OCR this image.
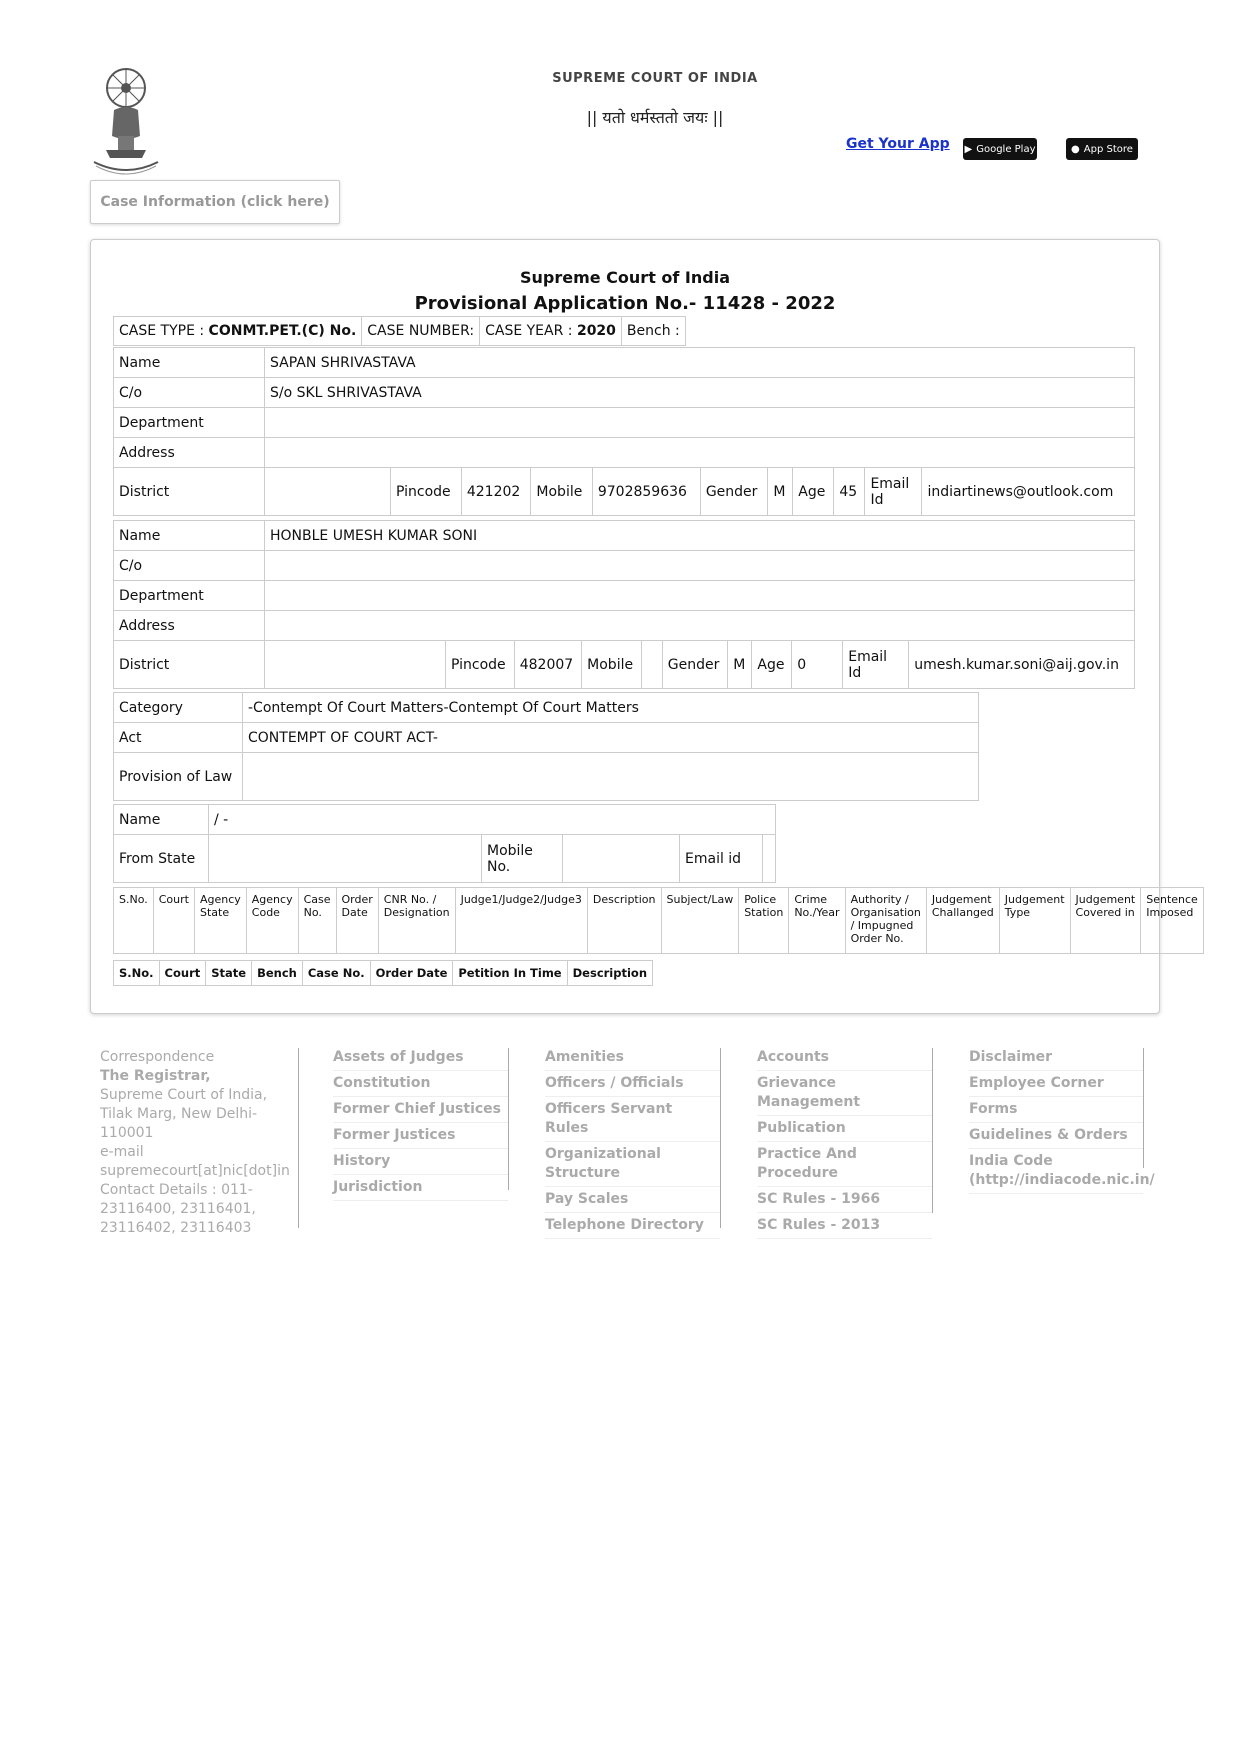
SUPREME COURT OF INDIA
|| यतो धर्मस्ततो जयः ||
Get Your App ▶ Google Play	● App Store
Case Information (click here)
Supreme Court of India
Provisional Application No.- 11428 - 2022
CASE TYPE : CONMT.PET.(C) No.	CASE NUMBER:	CASE YEAR : 2020	Bench :
Name	SAPAN SHRIVASTAVA										
C/o	S/o SKL SHRIVASTAVA										
Department											
Address											
District		Pincode	421202	Mobile	9702859636	Gender	M	Age	45	Email Id	indiartinews@outlook.com
Name	HONBLE UMESH KUMAR SONI										
C/o											
Department											
Address											
District		Pincode	482007	Mobile		Gender	M	Age	0	Email Id	umesh.kumar.soni@aij.gov.in
Category	-Contempt Of Court Matters-Contempt Of Court Matters
Act	CONTEMPT OF COURT ACT-
Provision of Law	
Name	/ -				
From State		Mobile No.		Email id	
S.No.	Court	Agency State	Agency Code	Case No.	Order Date	CNR No. / Designation	Judge1/Judge2/Judge3	Description	Subject/Law	Police Station	Crime No./Year	Authority / Organisation / Impugned Order No.	Judgement Challanged	Judgement Type	Judgement Covered in	Sentence Imposed
S.No.	Court	State	Bench	Case No.	Order Date	Petition In Time	Description
Correspondence
The Registrar,
Supreme Court of India,
Tilak Marg, New Delhi-
110001
e-mail
supremecourt[at]nic[dot]in
Contact Details : 011-
23116400, 23116401,
23116402, 23116403
Assets of Judges
Constitution
Former Chief Justices
Former Justices
History
Jurisdiction
Amenities
Officers / Officials
Officers Servant Rules
Organizational Structure
Pay Scales
Telephone Directory
Accounts
Grievance Management
Publication
Practice And Procedure
SC Rules - 1966
SC Rules - 2013
Disclaimer
Employee Corner
Forms
Guidelines & Orders
India Code (http://indiacode.nic.in/
